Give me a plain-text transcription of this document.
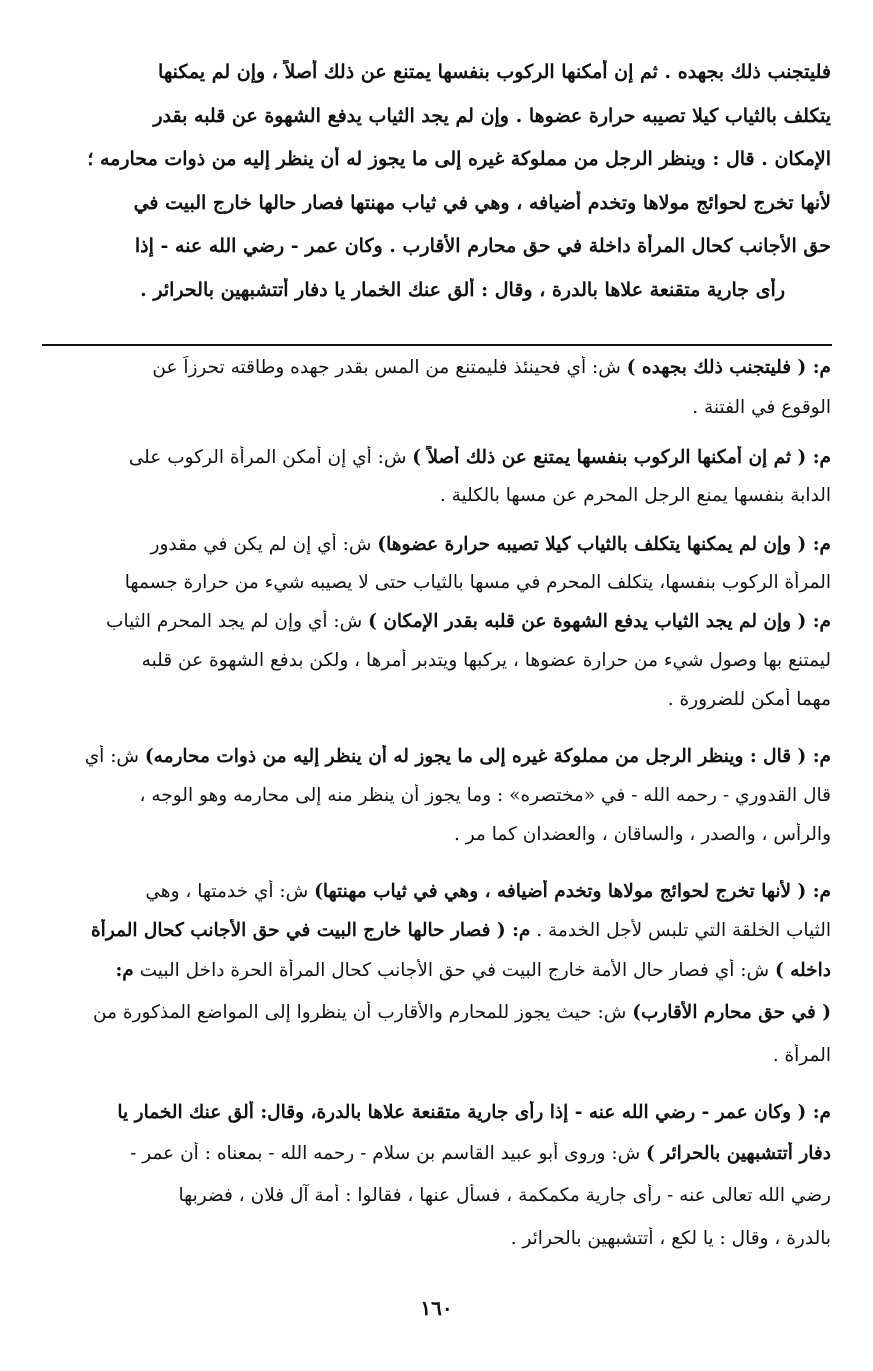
فليتجنب ذلك بجهده . ثم إن أمكنها الركوب بنفسها يمتنع عن ذلك أصلاً ، وإن لم يمكنها
يتكلف بالثياب كيلا تصيبه حرارة عضوها . وإن لم يجد الثياب يدفع الشهوة عن قلبه بقدر
الإمكان . قال : وينظر الرجل من مملوكة غيره إلى ما يجوز له أن ينظر إليه من ذوات محارمه ؛
لأنها تخرج لحوائج مولاها وتخدم أضيافه ، وهي في ثياب مهنتها فصار حالها خارج البيت في
حق الأجانب كحال المرأة داخلة في حق محارم الأقارب . وكان عمر - رضي الله عنه - إذا
رأى جارية متقنعة علاها بالدرة ، وقال : ألق عنك الخمار يا دفار أتتشبهين بالحرائر .
م: ( فليتجنب ذلك بجهده ) ش: أي فحينئذ فليمتنع من المس بقدر جهده وطاقته تحرزاً عن
الوقوع في الفتنة .
م: ( ثم إن أمكنها الركوب بنفسها يمتنع عن ذلك أصلاً ) ش: أي إن أمكن المرأة الركوب على
الدابة بنفسها يمنع الرجل المحرم عن مسها بالكلية .
م: ( وإن لم يمكنها يتكلف بالثياب كيلا تصيبه حرارة عضوها) ش: أي إن لم يكن في مقدور
المرأة الركوب بنفسها، يتكلف المحرم في مسها بالثياب حتى لا يصيبه شيء من حرارة جسمها
م: ( وإن لم يجد الثياب يدفع الشهوة عن قلبه بقدر الإمكان ) ش: أي وإن لم يجد المحرم الثياب
ليمتنع بها وصول شيء من حرارة عضوها ، يركبها ويتدبر أمرها ، ولكن بدفع الشهوة عن قلبه
مهما أمكن للضرورة .
م: ( قال : وينظر الرجل من مملوكة غيره إلى ما يجوز له أن ينظر إليه من ذوات محارمه) ش: أي
قال القدوري - رحمه الله - في «مختصره» : وما يجوز أن ينظر منه إلى محارمه وهو الوجه ،
والرأس ، والصدر ، والساقان ، والعضدان كما مر .
م: ( لأنها تخرج لحوائج مولاها وتخدم أضيافه ، وهي في ثياب مهنتها) ش: أي خدمتها ، وهي
الثياب الخلقة التي تلبس لأجل الخدمة . م: ( فصار حالها خارج البيت في حق الأجانب كحال المرأة
داخله ) ش: أي فصار حال الأمة خارج البيت في حق الأجانب كحال المرأة الحرة داخل البيت م:
( في حق محارم الأقارب) ش: حيث يجوز للمحارم والأقارب أن ينظروا إلى المواضع المذكورة من
المرأة .
م: ( وكان عمر - رضي الله عنه - إذا رأى جارية متقنعة علاها بالدرة، وقال: ألق عنك الخمار يا
دفار أتتشبهين بالحرائر ) ش: وروى أبو عبيد القاسم بن سلام - رحمه الله - بمعناه : أن عمر -
رضي الله تعالى عنه - رأى جارية مكمكمة ، فسأل عنها ، فقالوا : أمة آل فلان ، فضربها
بالدرة ، وقال : يا لكع ، أتتشبهين بالحرائر .
١٦٠
